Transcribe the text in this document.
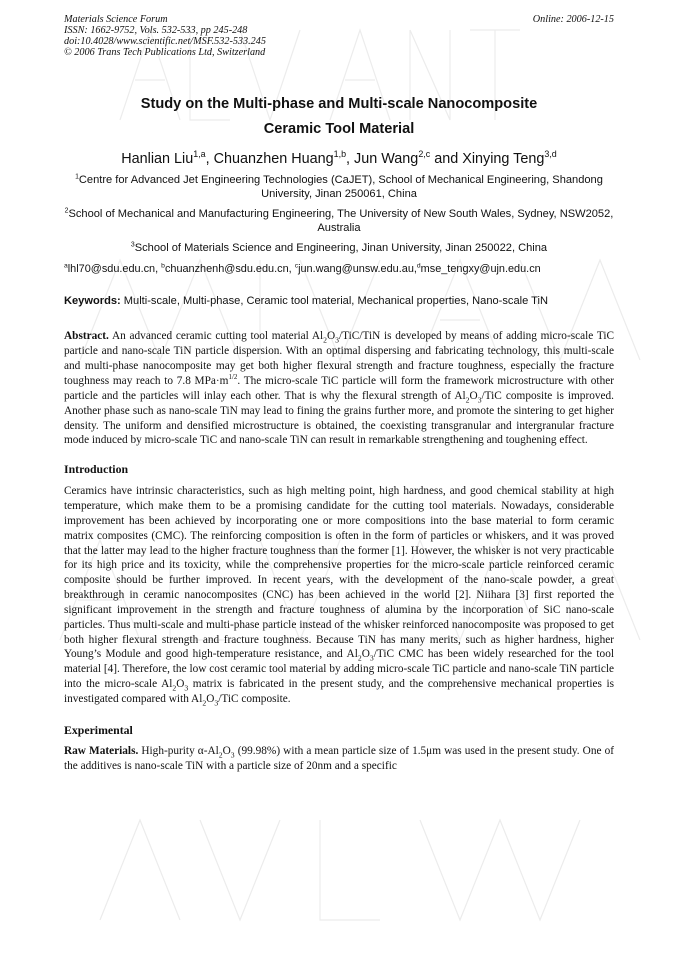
Materials Science Forum
ISSN: 1662-9752, Vols. 532-533, pp 245-248
doi:10.4028/www.scientific.net/MSF.532-533.245
© 2006 Trans Tech Publications Ltd, Switzerland
Online: 2006-12-15
Study on the Multi-phase and Multi-scale Nanocomposite
Ceramic Tool Material
Hanlian Liu$^{1,a}$, Chuanzhen Huang$^{1,b}$, Jun Wang$^{2,c}$ and Xinying Teng$^{3,d}$
$^1$Centre for Advanced Jet Engineering Technologies (CaJET), School of Mechanical Engineering, Shandong University, Jinan 250061, China
$^2$School of Mechanical and Manufacturing Engineering, The University of New South Wales, Sydney, NSW2052, Australia
$^3$School of Materials Science and Engineering, Jinan University, Jinan 250022, China
$^a$lhl70@sdu.edu.cn, $^b$chuanzhenh@sdu.edu.cn, $^c$jun.wang@unsw.edu.au,$^d$mse_tengxy@ujn.edu.cn
Keywords: Multi-scale, Multi-phase, Ceramic tool material, Mechanical properties, Nano-scale TiN
Abstract. An advanced ceramic cutting tool material $Al_2O_3/TiC$/TiN is developed by means of adding micro-scale TiC particle and nano-scale TiN particle dispersion. With an optimal dispersing and fabricating technology, this multi-scale and multi-phase nanocomposite may get both higher flexural strength and fracture toughness, especially the fracture toughness may reach to 7.8 $MPa\cdot m^{1/2}$. The micro-scale TiC particle will form the framework microstructure with other particle and the particles will inlay each other. That is why the flexural strength of $Al_2O_3$/TiC composite is improved. Another phase such as nano-scale TiN may lead to fining the grains further more, and promote the sintering to get higher density. The uniform and densified microstructure is obtained, the coexisting transgranular and intergranular fracture mode induced by micro-scale TiC and nano-scale TiN can result in remarkable strengthening and toughening effect.
Introduction
Ceramics have intrinsic characteristics, such as high melting point, high hardness, and good chemical stability at high temperature, which make them to be a promising candidate for the cutting tool materials. Nowadays, considerable improvement has been achieved by incorporating one or more compositions into the base material to form ceramic matrix composites (CMC). The reinforcing composition is often in the form of particles or whiskers, and it was proved that the latter may lead to the higher fracture toughness than the former [1]. However, the whisker is not very practicable for its high price and its toxicity, while the comprehensive properties for the micro-scale particle reinforced ceramic composite should be further improved. In recent years, with the development of the nano-scale powder, a great breakthrough in ceramic nanocomposites (CNC) has been achieved in the world [2]. Niihara [3] first reported the significant improvement in the strength and fracture toughness of alumina by the incorporation of SiC nano-scale particles. Thus multi-scale and multi-phase particle instead of the whisker reinforced nanocomposite was proposed to get both higher flexural strength and fracture toughness. Because TiN has many merits, such as higher hardness, higher Young’s Module and good high-temperature resistance, and $Al_2O_3$/TiC CMC has been widely researched for the tool material [4]. Therefore, the low cost ceramic tool material by adding micro-scale TiC particle and nano-scale TiN particle into the micro-scale $Al_2O_3$ matrix is fabricated in the present study, and the comprehensive mechanical properties is investigated compared with $Al_2O_3$/TiC composite.
Experimental
Raw Materials. High-purity $\alpha-Al_2O_3$ (99.98%) with a mean particle size of 1.5μm was used in the present study. One of the additives is nano-scale TiN with a particle size of 20nm and a specific
